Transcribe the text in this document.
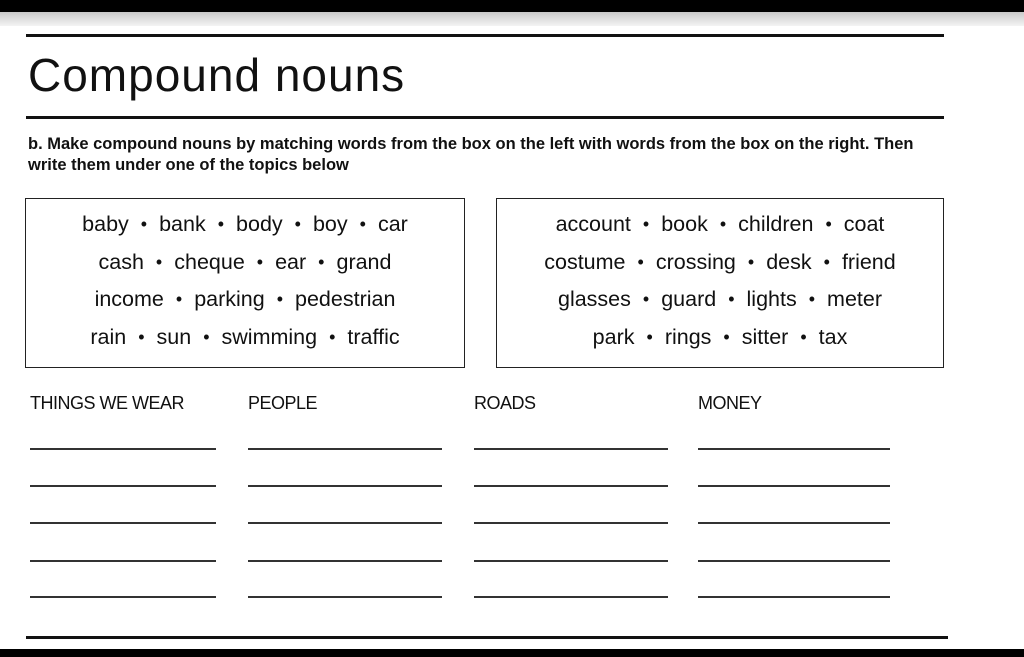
Compound nouns

b. Make compound nouns by matching words from the box on the left with words from the box on the right. Then write them under one of the topics below

baby • bank • body • boy • car
cash • cheque • ear • grand
income • parking • pedestrian
rain • sun • swimming • traffic
account • book • children • coat
costume • crossing • desk • friend
glasses • guard • lights • meter
park • rings • sitter • tax
THINGS WE WEAR	PEOPLE	ROADS	MONEY
